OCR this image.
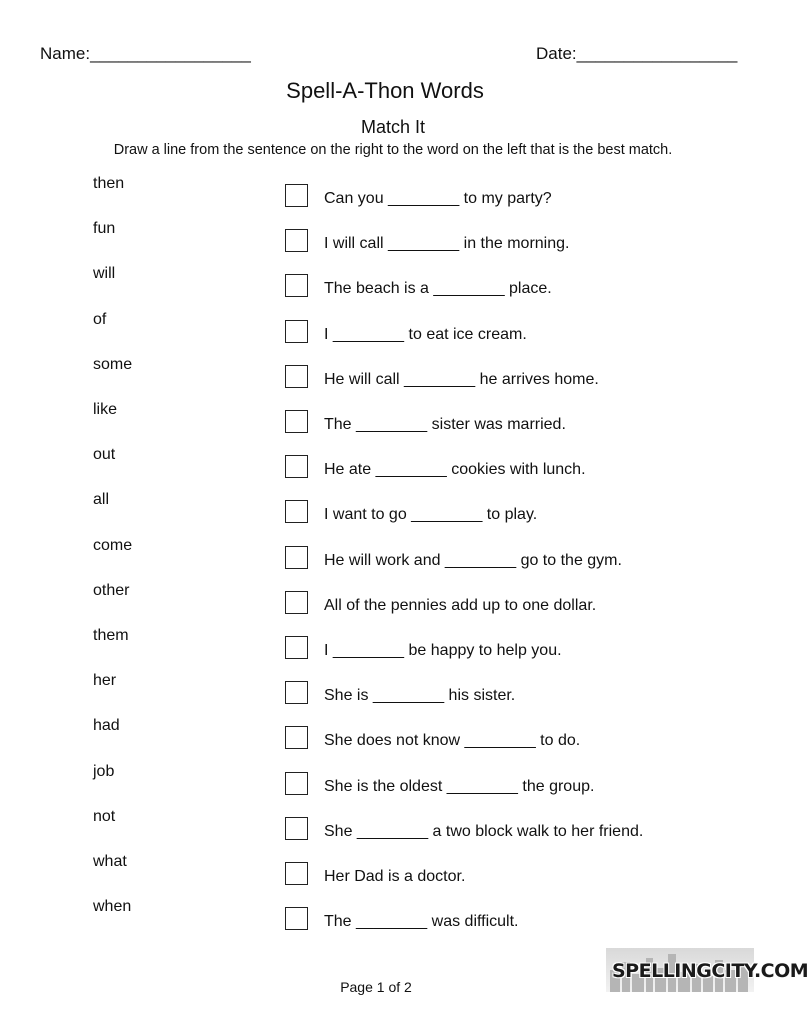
Name:_________________	Date:_________________
Spell-A-Thon Words
Match It
Draw a line from the sentence on the right to the word on the left that is the best match.
then
fun
will
of
some
like
out
all
come
other
them
her
had
job
not
what
when
Can you ________ to my party?
I will call ________ in the morning.
The beach is a ________ place.
I ________ to eat ice cream.
He will call ________ he arrives home.
The ________ sister was married.
He ate ________ cookies with lunch.
I want to go ________ to play.
He will work and ________ go to the gym.
All of the pennies add up to one dollar.
I ________ be happy to help you.
She is ________ his sister.
She does not know ________ to do.
She is the oldest ________ the group.
She ________ a two block walk to her friend.
Her Dad is a doctor.
The ________ was difficult.
Page 1 of 2
SPELLINGCITY.COM
